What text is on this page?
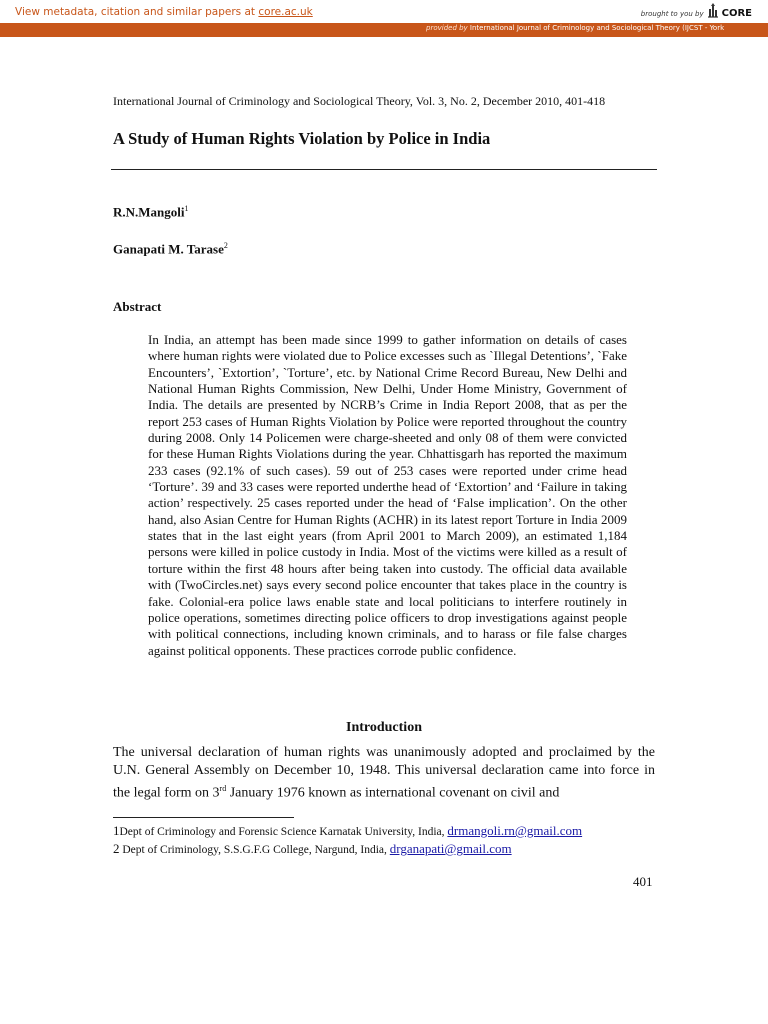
View metadata, citation and similar papers at core.ac.uk	brought to you by CORE
provided by International Journal of Criminology and Sociological Theory (IJCST - York
International Journal of Criminology and Sociological Theory, Vol. 3, No. 2, December 2010, 401-418
A Study of Human Rights Violation by Police in India
R.N.Mangoli$^1$
Ganapati M. Tarase$^2$
Abstract

In India, an attempt has been made since 1999 to gather information on details of cases where human rights were violated due to Police excesses such as `Illegal Detentions’, `Fake Encounters’, `Extortion’, `Torture’, etc. by National Crime Record Bureau, New Delhi and National Human Rights Commission, New Delhi, Under Home Ministry, Government of India. The details are presented by NCRB’s Crime in India Report 2008, that as per the report 253 cases of Human Rights Violation by Police were reported throughout the country during 2008. Only 14 Policemen were charge-sheeted and only 08 of them were convicted for these Human Rights Violations during the year. Chhattisgarh has reported the maximum 233 cases (92.1% of such cases). 59 out of 253 cases were reported under crime head ‘Torture’. 39 and 33 cases were reported underthe head of ‘Extortion’ and ‘Failure in taking action’ respectively. 25 cases reported under the head of ‘False implication’. On the other hand, also Asian Centre for Human Rights (ACHR) in its latest report Torture in India 2009 states that in the last eight years (from April 2001 to March 2009), an estimated 1,184 persons were killed in police custody in India. Most of the victims were killed as a result of torture within the first 48 hours after being taken into custody. The official data available with (TwoCircles.net) says every second police encounter that takes place in the country is fake. Colonial-era police laws enable state and local politicians to interfere routinely in police operations, sometimes directing police officers to drop investigations against people with political connections, including known criminals, and to harass or file false charges against political opponents. These practices corrode public confidence.

Introduction

The universal declaration of human rights was unanimously adopted and proclaimed by the U.N. General Assembly on December 10, 1948. This universal declaration came into force in the legal form on 3rd January 1976 known as international covenant on civil and

1Dept of Criminology and Forensic Science Karnatak University, India, drmangoli.rn@gmail.com
2 Dept of Criminology, S.S.G.F.G College, Nargund, India, drganapati@gmail.com
401
